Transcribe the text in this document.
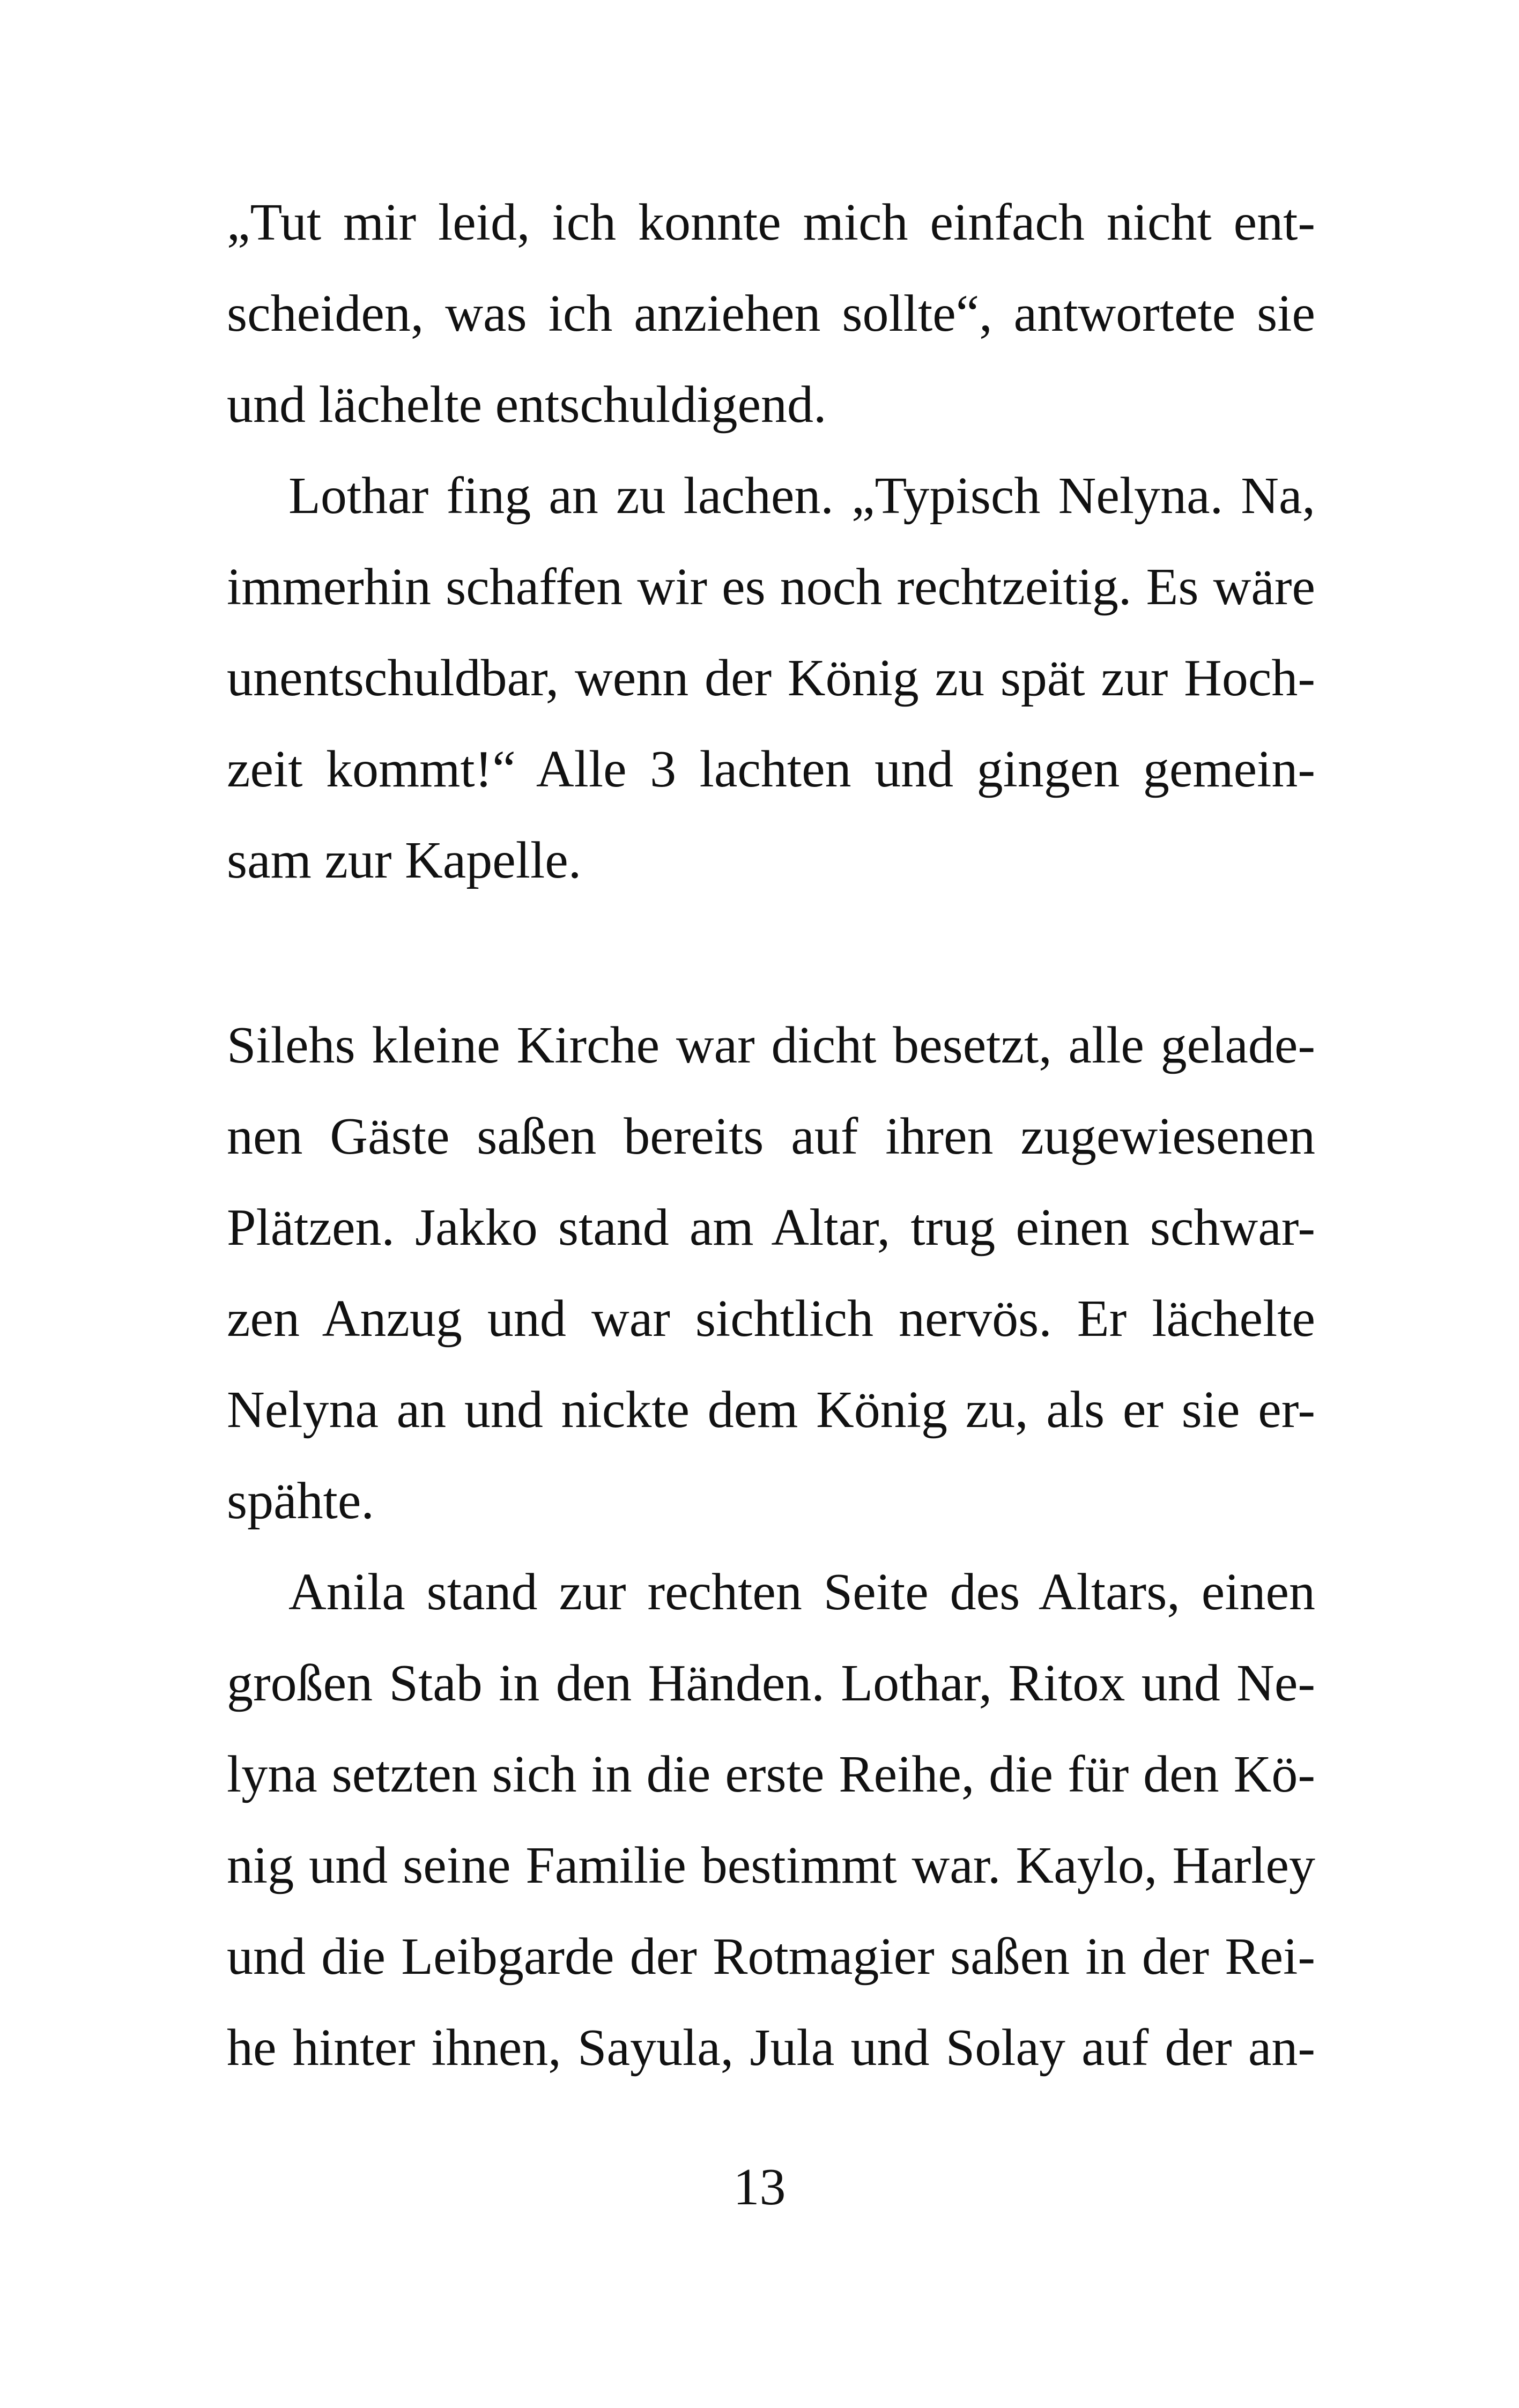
„Tut mir leid, ich konnte mich einfach nicht ent-
scheiden, was ich anziehen sollte“, antwortete sie
und lächelte entschuldigend.
Lothar fing an zu lachen. „Typisch Nelyna. Na,
immerhin schaffen wir es noch rechtzeitig. Es wäre
unentschuldbar, wenn der König zu spät zur Hoch-
zeit kommt!“ Alle 3 lachten und gingen gemein-
sam zur Kapelle.
Silehs kleine Kirche war dicht besetzt, alle gelade-
nen Gäste saßen bereits auf ihren zugewiesenen
Plätzen. Jakko stand am Altar, trug einen schwar-
zen Anzug und war sichtlich nervös. Er lächelte
Nelyna an und nickte dem König zu, als er sie er-
spähte.
Anila stand zur rechten Seite des Altars, einen
großen Stab in den Händen. Lothar, Ritox und Ne-
lyna setzten sich in die erste Reihe, die für den Kö-
nig und seine Familie bestimmt war. Kaylo, Harley
und die Leibgarde der Rotmagier saßen in der Rei-
he hinter ihnen, Sayula, Jula und Solay auf der an-
13
